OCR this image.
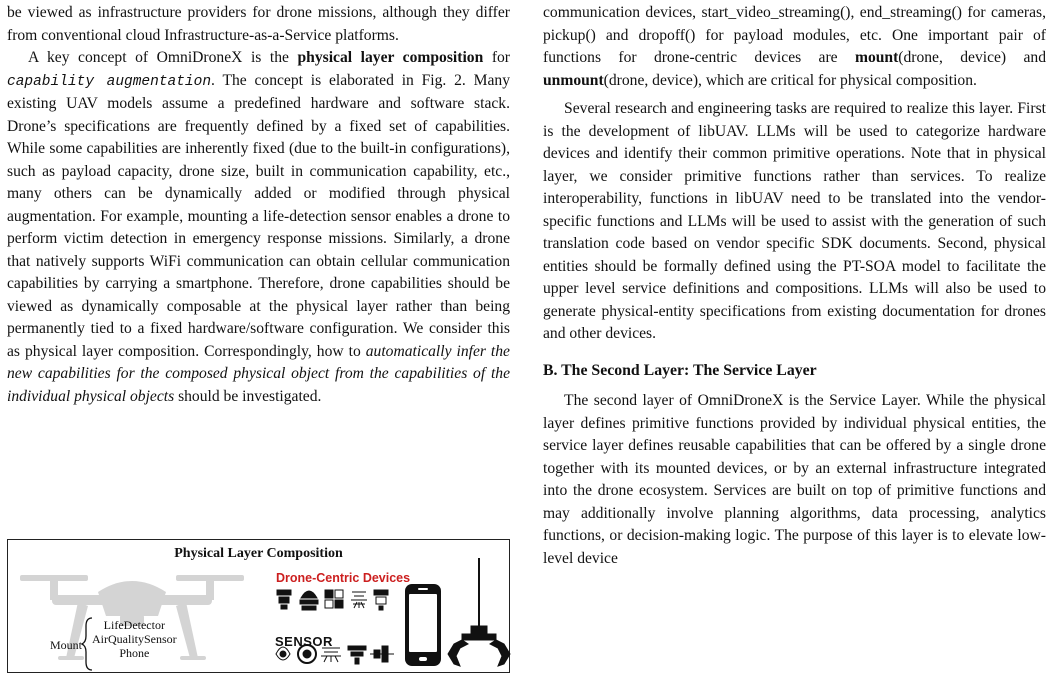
be viewed as infrastructure providers for drone missions, although they differ from conventional cloud Infrastructure-as-a-Service platforms.

A key concept of OmniDroneX is the physical layer composition for capability augmentation. The concept is elaborated in Fig. 2. Many existing UAV models assume a predefined hardware and software stack. Drone’s specifications are frequently defined by a fixed set of capabilities. While some capabilities are inherently fixed (due to the built-in configurations), such as payload capacity, drone size, built in communication capability, etc., many others can be dynamically added or modified through physical augmentation. For example, mounting a life-detection sensor enables a drone to perform victim detection in emergency response missions. Similarly, a drone that natively supports WiFi communication can obtain cellular communication capabilities by carrying a smartphone. Therefore, drone capabilities should be viewed as dynamically composable at the physical layer rather than being permanently tied to a fixed hardware/software configuration. We consider this as physical layer composition. Correspondingly, how to automatically infer the new capabilities for the composed physical object from the capabilities of the individual physical objects should be investigated.

Physical Layer Composition
Drone-Centric Devices
SENSOR
Mount
LifeDetector
AirQualitySensor
Phone

communication devices, start_video_streaming(), end_streaming() for cameras, pickup() and dropoff() for payload modules, etc. One important pair of functions for drone-centric devices are mount(drone, device) and unmount(drone, device), which are critical for physical composition.

Several research and engineering tasks are required to realize this layer. First is the development of libUAV. LLMs will be used to categorize hardware devices and identify their common primitive operations. Note that in physical layer, we consider primitive functions rather than services. To realize interoperability, functions in libUAV need to be translated into the vendor-specific functions and LLMs will be used to assist with the generation of such translation code based on vendor specific SDK documents. Second, physical entities should be formally defined using the PT-SOA model to facilitate the upper level service definitions and compositions. LLMs will also be used to generate physical-entity specifications from existing documentation for drones and other devices.

B. The Second Layer: The Service Layer

The second layer of OmniDroneX is the Service Layer. While the physical layer defines primitive functions provided by individual physical entities, the service layer defines reusable capabilities that can be offered by a single drone together with its mounted devices, or by an external infrastructure integrated into the drone ecosystem. Services are built on top of primitive functions and may additionally involve planning algorithms, data processing, analytics functions, or decision-making logic. The purpose of this layer is to elevate low-level device
